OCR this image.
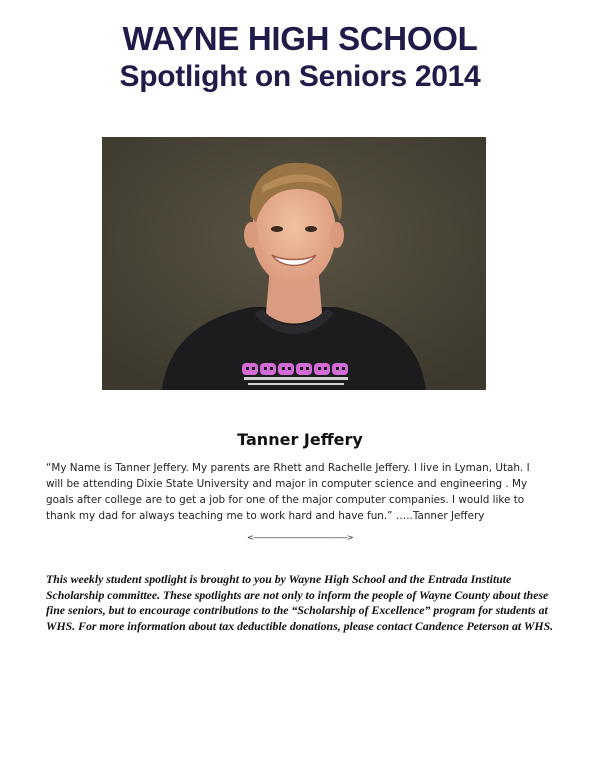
WAYNE HIGH SCHOOL
Spotlight on Seniors 2014
Tanner Jeffery
“My Name is Tanner Jeffery. My parents are Rhett and Rachelle Jeffery. I live in Lyman, Utah. I will be attending Dixie State University and major in computer science and engineering . My goals after college are to get a job for one of the major computer companies. I would like to thank my dad for always teaching me to work hard and have fun.” …..Tanner Jeffery
<----------------------------------------->
This weekly student spotlight is brought to you by Wayne High School and the Entrada Institute Scholarship committee. These spotlights are not only to inform the people of Wayne County about these fine seniors, but to encourage contributions to the “Scholarship of Excellence” program for students at WHS. For more information about tax deductible donations, please contact Candence Peterson at WHS.
